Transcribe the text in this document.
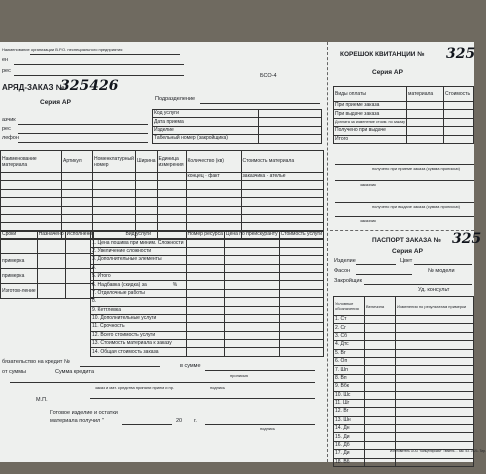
Наименование организации В.Р.О. неспециального предприятия
ен
рес
БСО-4
АРЯД-ЗАКАЗ №
325426
Серия АР	Подразделение
азчик
рес
лефон
Код услуги	
Дата приема	
Изделие	
Табельный номер (закройщика)	
Наименование материала	Артикул	Номенклатурный номер	Ширина	Единица измерения	Количество (кв)	Стоимость материала
					концец · факт	заказчика · ателье

Сроки	Назначено	Исполнено

примерка		
примерка		
Изготов-ление		
Вид услуги	Номер ресурса	Цена по прейскуранту	Стоимость услуги
1. Цена пошива при миним. Сложности			
2. Увеличение сложности			
3. Дополнительные элементы			
4.			
5. Итого			
6. Надбавка (скидка) за %			
7. Отделочные работы			
8.			
9. Кеттлевка			
10. Дополнительные услуги			
11. Срочность			
12. Всего стоимость услуги			
13. Стоимость материала к заказу			
14. Общая стоимость заказа			
бязательство на кредит №
от суммы	Сумма кредита
в сумме
прописью
заказ и мат. средства приняли прием и пр.	подпись
М.П.
Готовое изделие и остатки
материала получил "	20 г.
подпись
КОРЕШОК КВИТАНЦИИ № 325
Серия АР
Виды оплаты	материала	Стоимость
При приеме заказа		
При выдаче заказа		
Доплата за изменение стоим. по заказу		
Получено при выдаче		
Итого		
получено при приеме заказа (сумма прописью)
заказчик
получено при выдаче заказа (сумма прописью)
заказчик
ПАСПОРТ ЗАКАЗА № 325
Серия АР
Изделие	Цвет
Фасон	№ модели
Закройщик
Уд. консульт
Условные обозначения	Величина	Изменения по результатам примерки
1. Ст		
2. Сг		
3. Сб		
4. Дтс		
5. Вг		
6. Оп		
7. Шп		
8. Вп		
9. Вбк		
10. Шс		
11. Шг		
12. Вг		
13. Шн		
14. Дн		
15. Ди		
16. Дб		
17. Ди		
18. Вб		
Изготовитель ООО "Канцелярский" Тюмень ... зак. 53. 2021. Тир.
